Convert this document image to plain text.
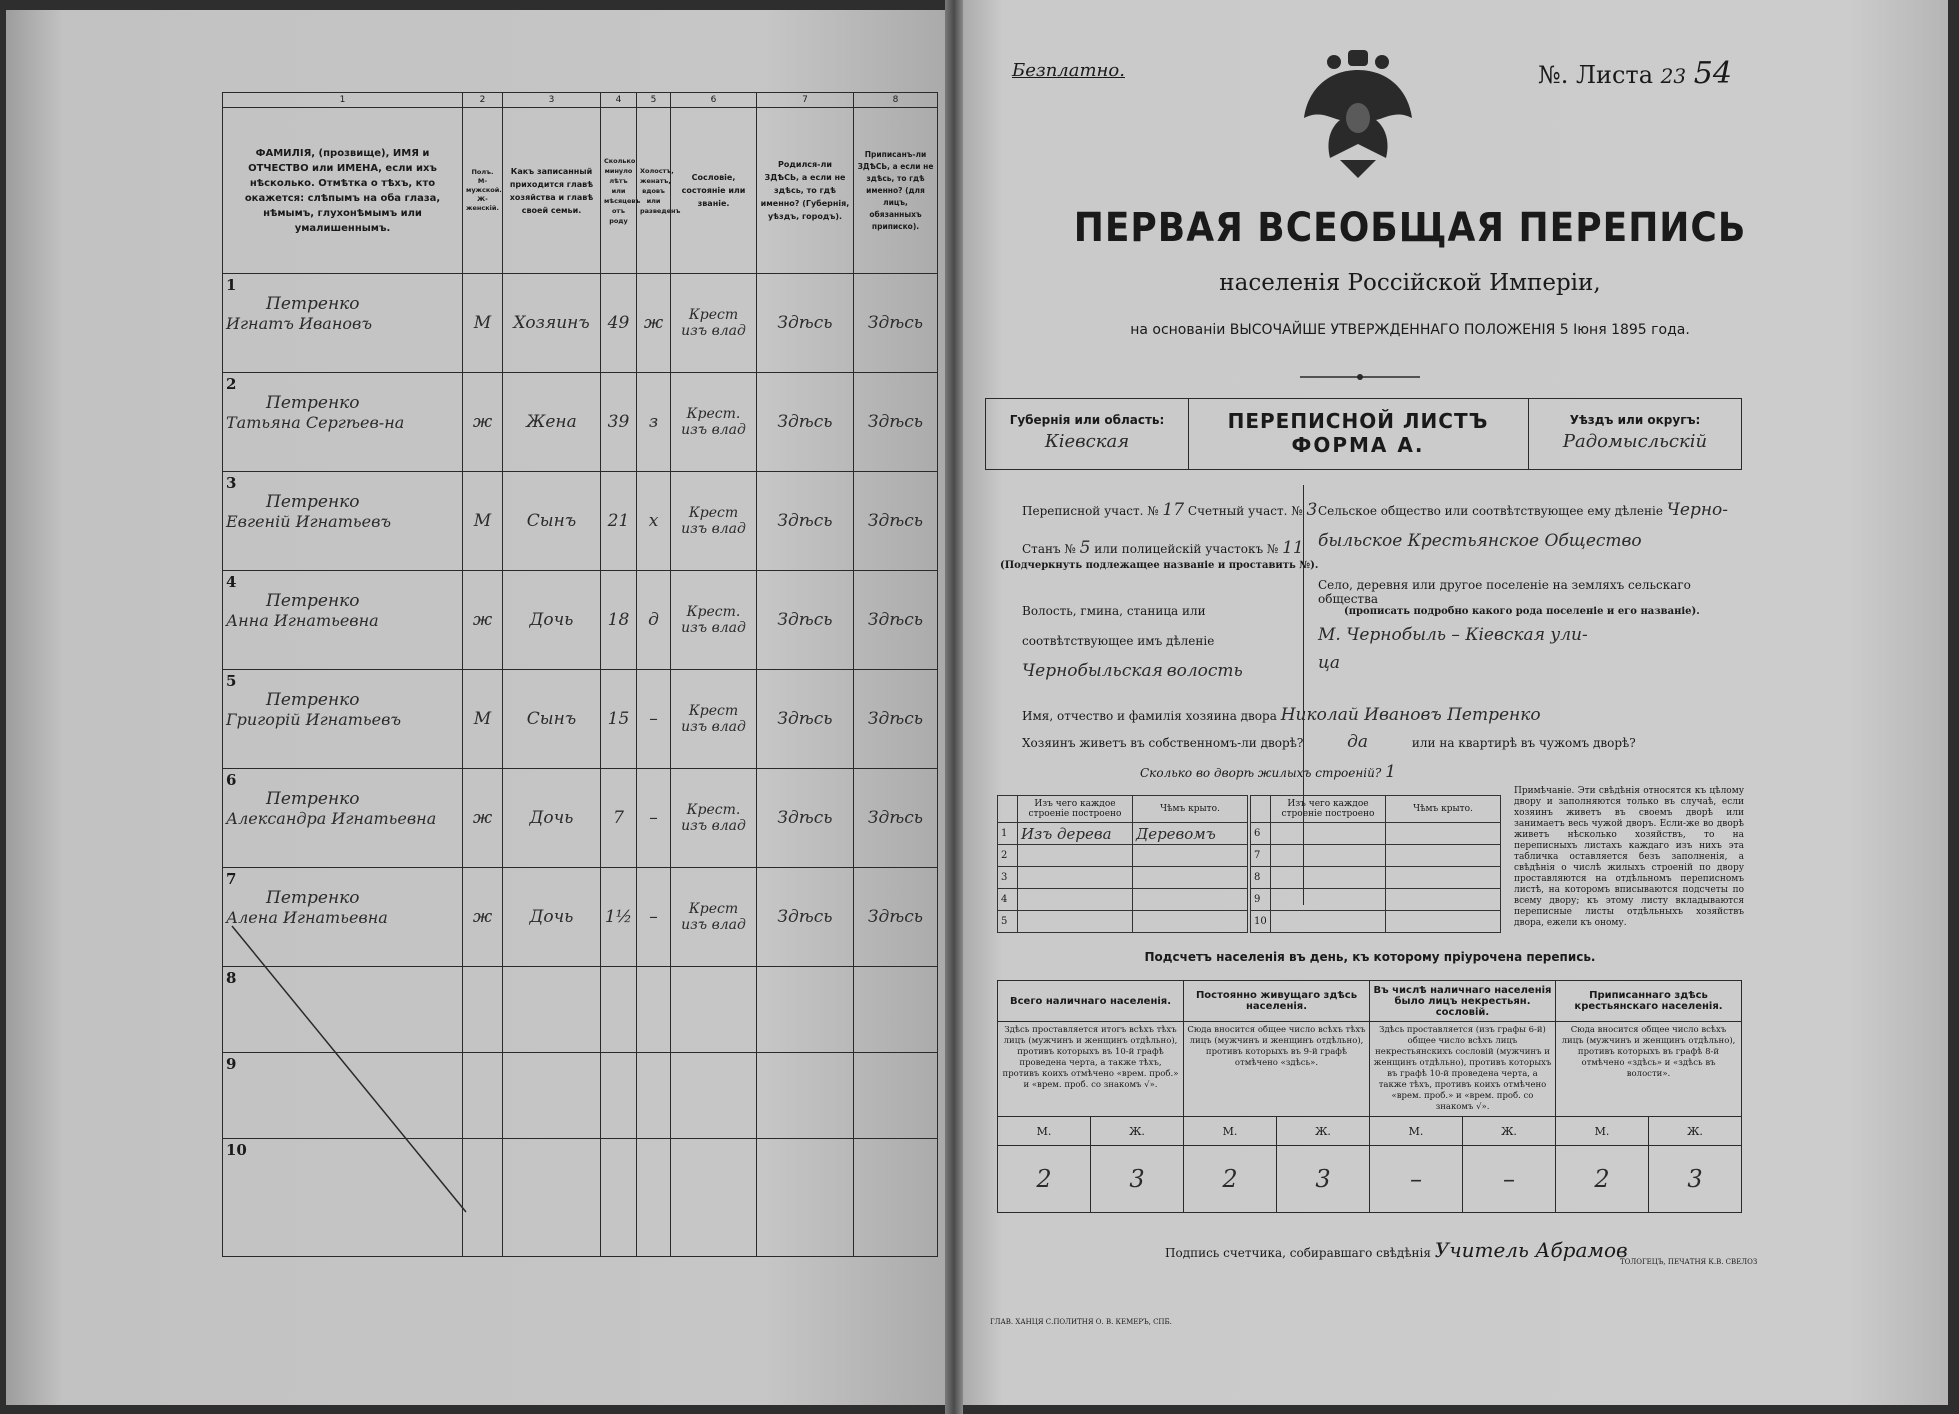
1	2	3	4	5	6	7	8
ФАМИЛІЯ, (прозвище), ИМЯ и ОТЧЕСТВО или ИМЕНА, если ихъ нѣсколько. Отмѣтка о тѣхъ, кто окажется: слѣпымъ на оба глаза, нѣмымъ, глухонѣмымъ или умалишеннымъ.	Полъ. М-мужской. Ж-женскій.	Какъ записанный приходится главѣ хозяйства и главѣ своей семьи.	Сколько минуло лѣтъ или мѣсяцевъ отъ роду	Холостъ, женатъ, вдовъ или разведенъ	Сословіе, состояніе или званіе.	Родился-ли ЗДѢСЬ, а если не здѣсь, то гдѣ именно? (Губернія, уѣздъ, городъ).	Приписанъ-ли ЗДѢСЬ, а если не здѣсь, то гдѣ именно? (для лицъ, обязанныхъ приписко).

1
Петренко
Игнатъ Ивановъ	М	Хозяинъ	49	ж	Крест изъ влад	Здѣсь	Здѣсь

2
Петренко
Татьяна Сергѣев-на	ж	Жена	39	з	Крест. изъ влад	Здѣсь	Здѣсь

3
Петренко
Евгеній Игнатьевъ	М	Сынъ	21	х	Крест изъ влад	Здѣсь	Здѣсь

4
Петренко
Анна Игнатьевна	ж	Дочь	18	д	Крест. изъ влад	Здѣсь	Здѣсь

5
Петренко
Григорій Игнатьевъ	М	Сынъ	15	–	Крест изъ влад	Здѣсь	Здѣсь

6
Петренко
Александра Игнатьевна	ж	Дочь	7	–	Крест. изъ влад	Здѣсь	Здѣсь

7
Петренко
Алена Игнатьевна	ж	Дочь	1½	–	Крест изъ влад	Здѣсь	Здѣсь

8							

9							

10							

Безплатно.	№. Листа 23 54
ПЕРВАЯ ВСЕОБЩАЯ ПЕРЕПИСЬ
населенія Россійской Имперіи,
на основаніи ВЫСОЧАЙШЕ УТВЕРЖДЕННАГО ПОЛОЖЕНІЯ 5 Іюня 1895 года.
Губернія или область:
Кіевская
ПЕРЕПИСНОЙ ЛИСТЪ
ФОРМА А.
Уѣздъ или округъ:
Радомысльскій
Переписной участ. № 17 Счетный участ. № 3
Станъ № 5 или полицейскій участокъ № 11
(Подчеркнуть подлежащее названіе и проставить №).
Волость, гмина, станица или соотвѣтствующее имъ дѣленіе Чернобыльская волость
Сельское общество или соотвѣтствующее ему дѣленіе Черно- быльское Крестьянское Общество
Село, деревня или другое поселеніе на земляхъ сельскаго общества
(прописать подробно какого рода поселеніе и его названіе).
М. Чернобыль – Кіевская ули-
ца
Имя, отчество и фамилія хозяина двора Николай Ивановъ Петренко
Хозяинъ живетъ въ собственномъ-ли дворѣ?	да	или на квартирѣ въ чужомъ дворѣ?
Сколько во дворѣ жилыхъ строеній? 1
	Изъ чего каждое строеніе построено	Чѣмъ крыто.
1	Изъ дерева	Деревомъ
2		
3		
4		
5		
	Изъ чего каждое строеніе построено	Чѣмъ крыто.
6		
7		
8		
9		
10		
Примѣчаніе. Эти свѣдѣнія относятся къ цѣлому двору и заполняются только въ случаѣ, если хозяинъ живетъ въ своемъ дворѣ или занимаетъ весь чужой дворъ. Если-же во дворѣ живетъ нѣсколько хозяйствъ, то на переписныхъ листахъ каждаго изъ нихъ эта табличка оставляется безъ заполненія, а свѣдѣнія о числѣ жилыхъ строеній по двору проставляются на отдѣльномъ переписномъ листѣ, на которомъ вписываются подсчеты по всему двору; къ этому листу вкладываются переписные листы отдѣльныхъ хозяйствъ двора, ежели къ оному.
Подсчетъ населенія въ день, къ которому пріурочена перепись.
Всего наличнаго населенія.		Постоянно живущаго здѣсь населенія.		Въ числѣ наличнаго населенія было лицъ некрестьян. сословій.		Приписаннаго здѣсь крестьянскаго населенія.	
Здѣсь проставляется итогъ всѣхъ тѣхъ лицъ (мужчинъ и женщинъ отдѣльно), противъ которыхъ въ 10-й графѣ проведена черта, а также тѣхъ, противъ коихъ отмѣчено «врем. проб.» и «врем. проб. со знакомъ √».		Сюда вносится общее число всѣхъ тѣхъ лицъ (мужчинъ и женщинъ отдѣльно), противъ которыхъ въ 9-й графѣ отмѣчено «здѣсь».		Здѣсь проставляется (изъ графы 6-й) общее число всѣхъ лицъ некрестьянскихъ сословій (мужчинъ и женщинъ отдѣльно), противъ которыхъ въ графѣ 10-й проведена черта, а также тѣхъ, противъ коихъ отмѣчено «врем. проб.» и «врем. проб. со знакомъ √».		Сюда вносится общее число всѣхъ лицъ (мужчинъ и женщинъ отдѣльно), противъ которыхъ въ графѣ 8-й отмѣчено «здѣсь» и «здѣсь въ волости».	
М.	Ж.	М.	Ж.	М.	Ж.	М.	Ж.
2	3	2	3	–	–	2	3
Подпись счетчика, собиравшаго свѣдѣнія Учитель Абрамов
ГЛАВ. ХАНЦЯ С.ПОЛИТНЯ О. В. КЕМЕРЪ, СПБ.
ТОЛОГЕЦЪ, ПЕЧАТНЯ К.В. СВЕЛОЗ
